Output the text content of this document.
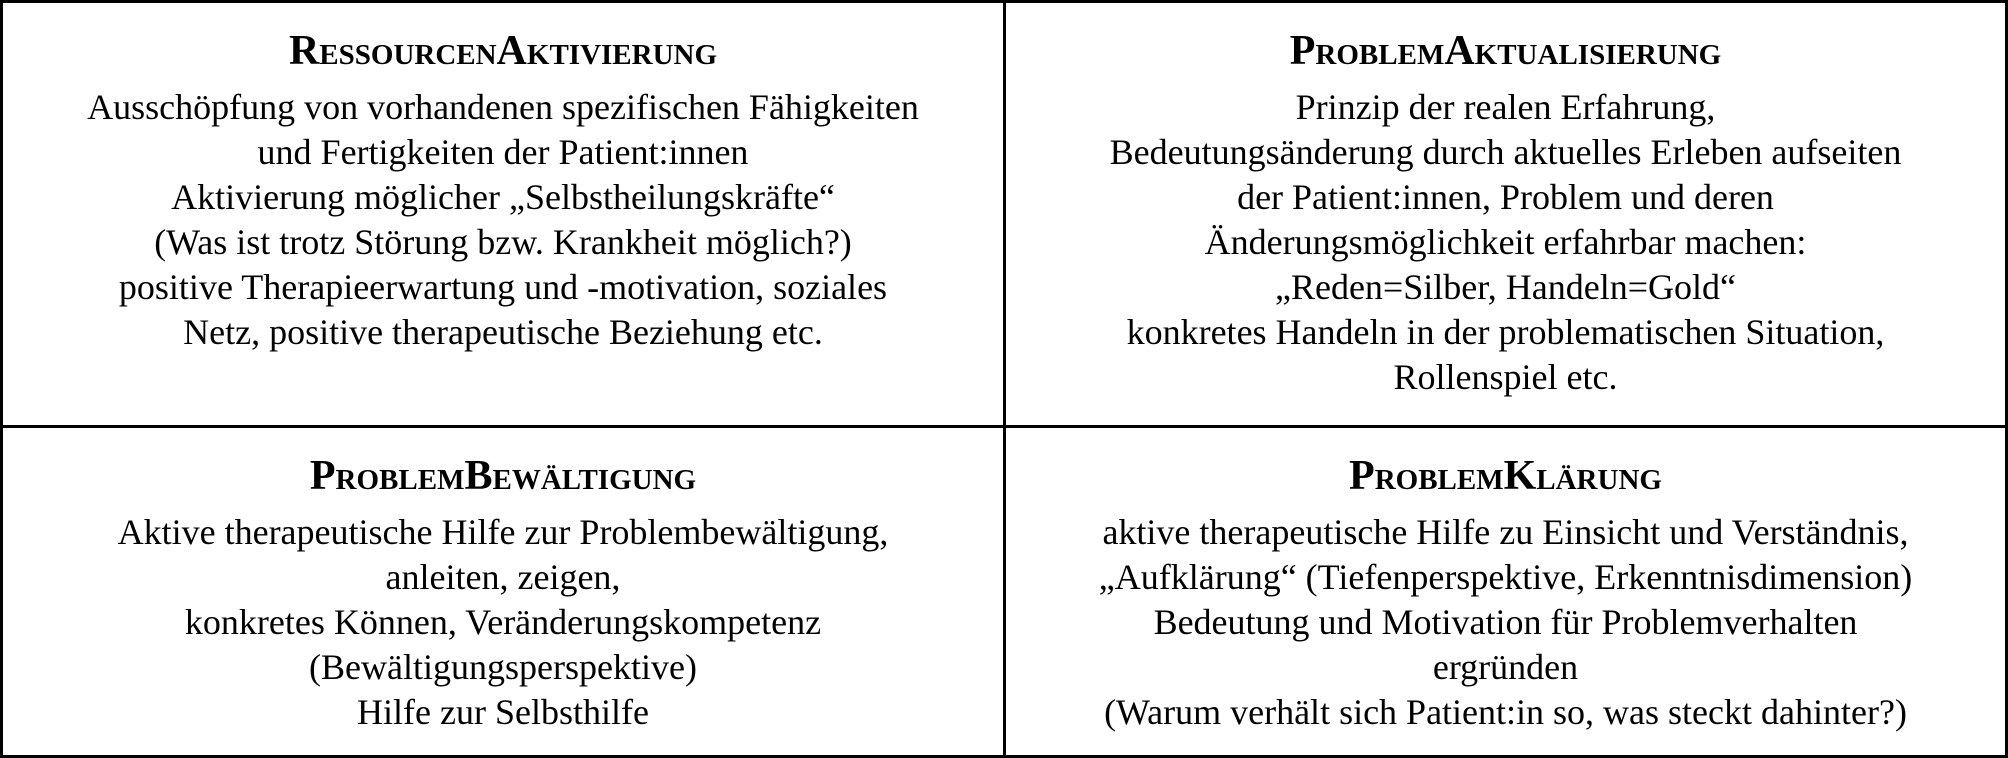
RessourcenAktivierung
Ausschöpfung von vorhandenen spezifischen Fähigkeiten
und Fertigkeiten der Patient:innen
Aktivierung möglicher „Selbstheilungskräfte“
(Was ist trotz Störung bzw. Krankheit möglich?)
positive Therapieerwartung und -motivation, soziales
Netz, positive therapeutische Beziehung etc.
ProblemAktualisierung
Prinzip der realen Erfahrung,
Bedeutungsänderung durch aktuelles Erleben aufseiten
der Patient:innen, Problem und deren
Änderungsmöglichkeit erfahrbar machen:
„Reden=Silber, Handeln=Gold“
konkretes Handeln in der problematischen Situation,
Rollenspiel etc.
ProblemBewältigung
Aktive therapeutische Hilfe zur Problembewältigung,
anleiten, zeigen,
konkretes Können, Veränderungskompetenz
(Bewältigungsperspektive)
Hilfe zur Selbsthilfe
ProblemKlärung
aktive therapeutische Hilfe zu Einsicht und Verständnis,
„Aufklärung“ (Tiefenperspektive, Erkenntnisdimension)
Bedeutung und Motivation für Problemverhalten
ergründen
(Warum verhält sich Patient:in so, was steckt dahinter?)
